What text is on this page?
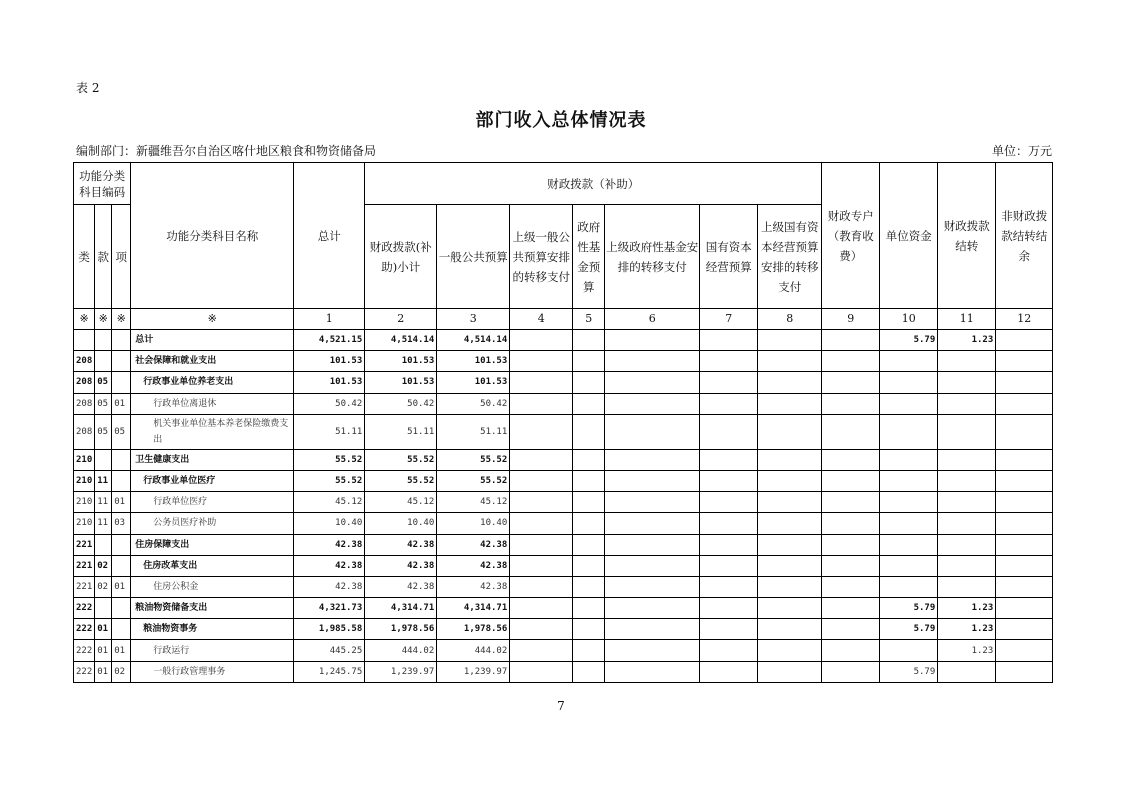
表 2
部门收入总体情况表
编制部门：新疆维吾尔自治区喀什地区粮食和物资储备局	单位：万元
功能分类科目编码			功能分类科目名称	总计	财政拨款（补助）							财政专户（教育收费）	单位资金	财政拨款结转	非财政拨款结转结余
类	款	项			财政拨款(补助)小计	一般公共预算	上级一般公共预算安排的转移支付	政府性基金预算	上级政府性基金安排的转移支付	国有资本经营预算	上级国有资本经营预算安排的转移支付				
※	※	※	※	1	2	3	4	5	6	7	8	9	10	11	12
			总计	4,521.15	4,514.14	4,514.14							5.79	1.23	
208			社会保障和就业支出	101.53	101.53	101.53									
208	05		行政事业单位养老支出	101.53	101.53	101.53									
208	05	01	行政单位离退休	50.42	50.42	50.42									
208	05	05	机关事业单位基本养老保险缴费支出	51.11	51.11	51.11									
210			卫生健康支出	55.52	55.52	55.52									
210	11		行政事业单位医疗	55.52	55.52	55.52									
210	11	01	行政单位医疗	45.12	45.12	45.12									
210	11	03	公务员医疗补助	10.40	10.40	10.40									
221			住房保障支出	42.38	42.38	42.38									
221	02		住房改革支出	42.38	42.38	42.38									
221	02	01	住房公积金	42.38	42.38	42.38									
222			粮油物资储备支出	4,321.73	4,314.71	4,314.71							5.79	1.23	
222	01		粮油物资事务	1,985.58	1,978.56	1,978.56							5.79	1.23	
222	01	01	行政运行	445.25	444.02	444.02								1.23	
222	01	02	一般行政管理事务	1,245.75	1,239.97	1,239.97							5.79		
7
